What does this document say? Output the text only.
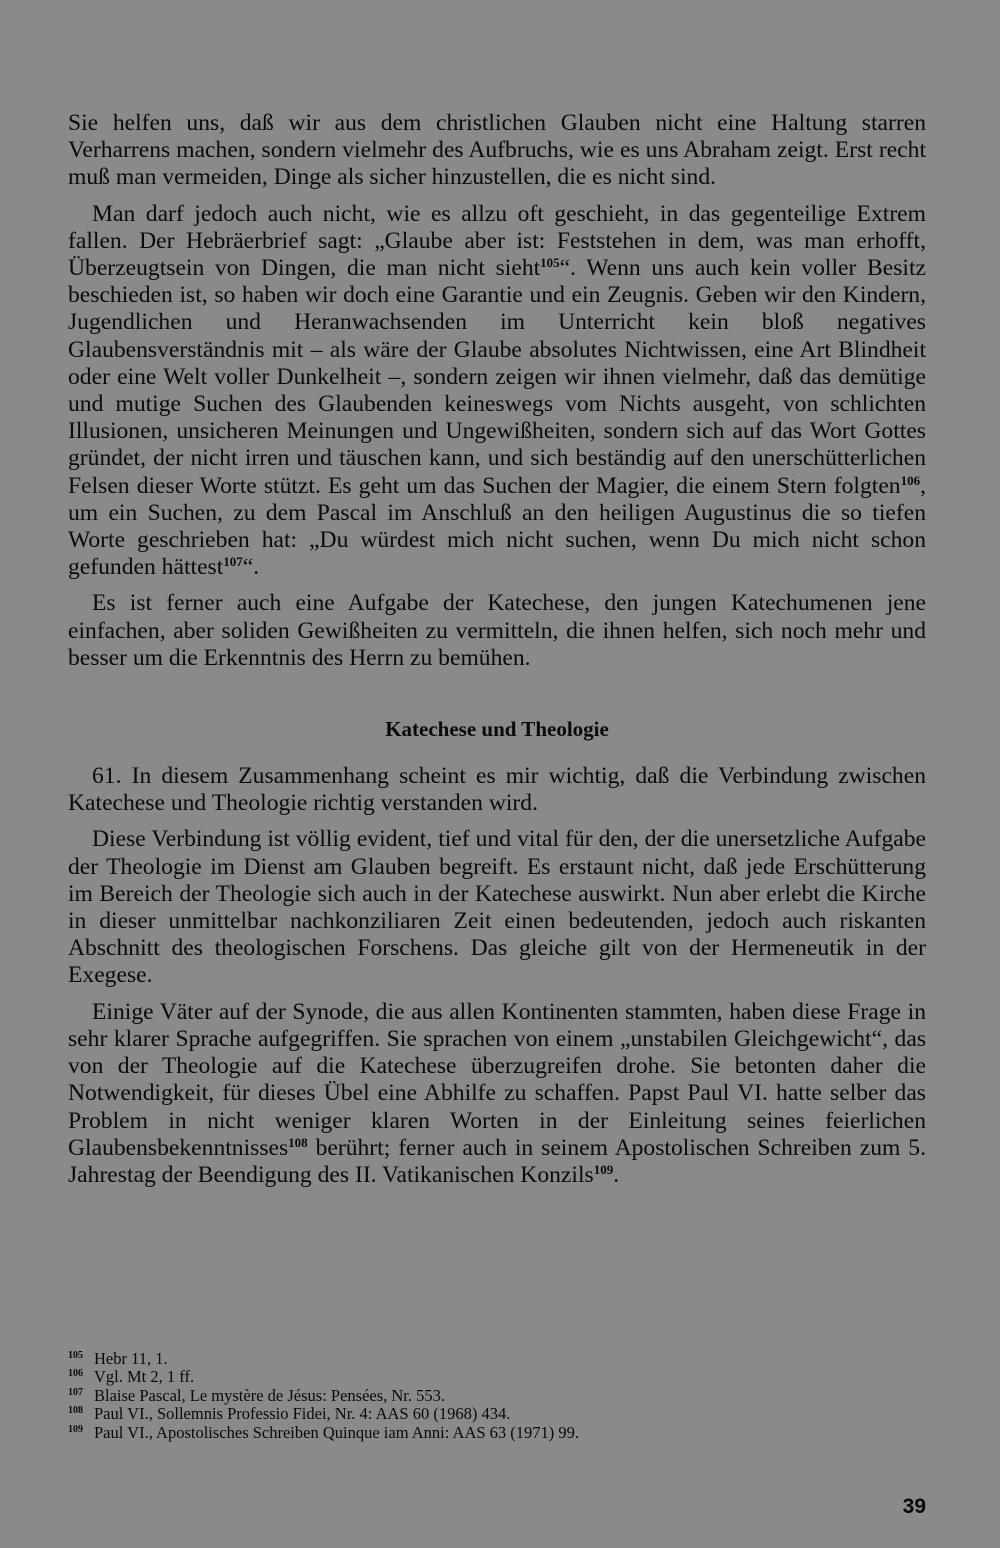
Sie helfen uns, daß wir aus dem christlichen Glauben nicht eine Haltung starren Verharrens machen, sondern vielmehr des Aufbruchs, wie es uns Abraham zeigt. Erst recht muß man vermeiden, Dinge als sicher hinzustellen, die es nicht sind.

Man darf jedoch auch nicht, wie es allzu oft geschieht, in das gegenteilige Extrem fallen. Der Hebräerbrief sagt: „Glaube aber ist: Feststehen in dem, was man erhofft, Überzeugtsein von Dingen, die man nicht sieht$^{105}$“. Wenn uns auch kein voller Besitz beschieden ist, so haben wir doch eine Garantie und ein Zeugnis. Geben wir den Kindern, Jugendlichen und Heranwachsenden im Unterricht kein bloß negatives Glaubensverständnis mit – als wäre der Glaube absolutes Nichtwissen, eine Art Blindheit oder eine Welt voller Dunkelheit –, sondern zeigen wir ihnen vielmehr, daß das demütige und mutige Suchen des Glaubenden keineswegs vom Nichts ausgeht, von schlichten Illusionen, unsicheren Meinungen und Ungewißheiten, sondern sich auf das Wort Gottes gründet, der nicht irren und täuschen kann, und sich beständig auf den unerschütterlichen Felsen dieser Worte stützt. Es geht um das Suchen der Magier, die einem Stern folgten$^{106}$, um ein Suchen, zu dem Pascal im Anschluß an den heiligen Augustinus die so tiefen Worte geschrieben hat: „Du würdest mich nicht suchen, wenn Du mich nicht schon gefunden hättest$^{107}$“.

Es ist ferner auch eine Aufgabe der Katechese, den jungen Katechumenen jene einfachen, aber soliden Gewißheiten zu vermitteln, die ihnen helfen, sich noch mehr und besser um die Erkenntnis des Herrn zu bemühen.

Katechese und Theologie

61. In diesem Zusammenhang scheint es mir wichtig, daß die Verbindung zwischen Katechese und Theologie richtig verstanden wird.

Diese Verbindung ist völlig evident, tief und vital für den, der die unersetzliche Aufgabe der Theologie im Dienst am Glauben begreift. Es erstaunt nicht, daß jede Erschütterung im Bereich der Theologie sich auch in der Katechese auswirkt. Nun aber erlebt die Kirche in dieser unmittelbar nachkonziliaren Zeit einen bedeutenden, jedoch auch riskanten Abschnitt des theologischen Forschens. Das gleiche gilt von der Hermeneutik in der Exegese.

Einige Väter auf der Synode, die aus allen Kontinenten stammten, haben diese Frage in sehr klarer Sprache aufgegriffen. Sie sprachen von einem „unstabilen Gleichgewicht“, das von der Theologie auf die Katechese überzugreifen drohe. Sie betonten daher die Notwendigkeit, für dieses Übel eine Abhilfe zu schaffen. Papst Paul VI. hatte selber das Problem in nicht weniger klaren Worten in der Einleitung seines feierlichen Glaubensbekenntnisses$^{108}$ berührt; ferner auch in seinem Apostolischen Schreiben zum 5. Jahrestag der Beendigung des II. Vatikanischen Konzils$^{109}$.

105 Hebr 11, 1.

106 Vgl. Mt 2, 1 ff.

107 Blaise Pascal, Le mystère de Jésus: Pensées, Nr. 553.

108 Paul VI., Sollemnis Professio Fidei, Nr. 4: AAS 60 (1968) 434.

109 Paul VI., Apostolisches Schreiben Quinque iam Anni: AAS 63 (1971) 99.

39
